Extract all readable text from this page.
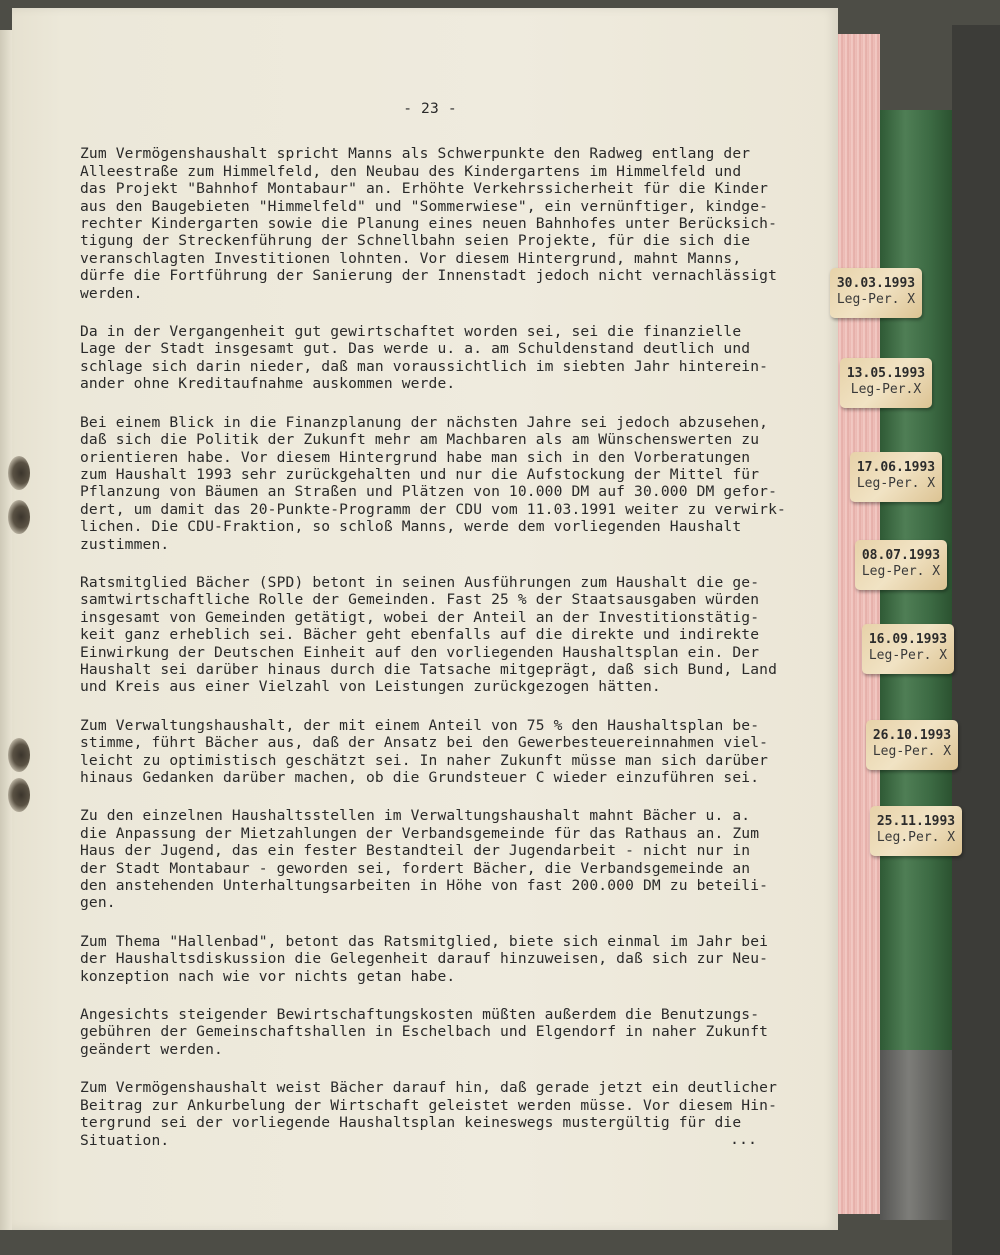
- 23 -
Zum Vermögenshaushalt spricht Manns als Schwerpunkte den Radweg entlang der
Alleestraße zum Himmelfeld, den Neubau des Kindergartens im Himmelfeld und
das Projekt "Bahnhof Montabaur" an. Erhöhte Verkehrssicherheit für die Kinder
aus den Baugebieten "Himmelfeld" und "Sommerwiese", ein vernünftiger, kindge-
rechter Kindergarten sowie die Planung eines neuen Bahnhofes unter Berücksich-
tigung der Streckenführung der Schnellbahn seien Projekte, für die sich die
veranschlagten Investitionen lohnten. Vor diesem Hintergrund, mahnt Manns,
dürfe die Fortführung der Sanierung der Innenstadt jedoch nicht vernachlässigt
werden.
Da in der Vergangenheit gut gewirtschaftet worden sei, sei die finanzielle
Lage der Stadt insgesamt gut. Das werde u. a. am Schuldenstand deutlich und
schlage sich darin nieder, daß man voraussichtlich im siebten Jahr hinterein-
ander ohne Kreditaufnahme auskommen werde.
Bei einem Blick in die Finanzplanung der nächsten Jahre sei jedoch abzusehen,
daß sich die Politik der Zukunft mehr am Machbaren als am Wünschenswerten zu
orientieren habe. Vor diesem Hintergrund habe man sich in den Vorberatungen
zum Haushalt 1993 sehr zurückgehalten und nur die Aufstockung der Mittel für
Pflanzung von Bäumen an Straßen und Plätzen von 10.000 DM auf 30.000 DM gefor-
dert, um damit das 20-Punkte-Programm der CDU vom 11.03.1991 weiter zu verwirk-
lichen. Die CDU-Fraktion, so schloß Manns, werde dem vorliegenden Haushalt
zustimmen.
Ratsmitglied Bächer (SPD) betont in seinen Ausführungen zum Haushalt die ge-
samtwirtschaftliche Rolle der Gemeinden. Fast 25 % der Staatsausgaben würden
insgesamt von Gemeinden getätigt, wobei der Anteil an der Investitionstätig-
keit ganz erheblich sei. Bächer geht ebenfalls auf die direkte und indirekte
Einwirkung der Deutschen Einheit auf den vorliegenden Haushaltsplan ein. Der
Haushalt sei darüber hinaus durch die Tatsache mitgeprägt, daß sich Bund, Land
und Kreis aus einer Vielzahl von Leistungen zurückgezogen hätten.
Zum Verwaltungshaushalt, der mit einem Anteil von 75 % den Haushaltsplan be-
stimme, führt Bächer aus, daß der Ansatz bei den Gewerbesteuereinnahmen viel-
leicht zu optimistisch geschätzt sei. In naher Zukunft müsse man sich darüber
hinaus Gedanken darüber machen, ob die Grundsteuer C wieder einzuführen sei.
Zu den einzelnen Haushaltsstellen im Verwaltungshaushalt mahnt Bächer u. a.
die Anpassung der Mietzahlungen der Verbandsgemeinde für das Rathaus an. Zum
Haus der Jugend, das ein fester Bestandteil der Jugendarbeit - nicht nur in
der Stadt Montabaur - geworden sei, fordert Bächer, die Verbandsgemeinde an
den anstehenden Unterhaltungsarbeiten in Höhe von fast 200.000 DM zu beteili-
gen.
Zum Thema "Hallenbad", betont das Ratsmitglied, biete sich einmal im Jahr bei
der Haushaltsdiskussion die Gelegenheit darauf hinzuweisen, daß sich zur Neu-
konzeption nach wie vor nichts getan habe.
Angesichts steigender Bewirtschaftungskosten müßten außerdem die Benutzungs-
gebühren der Gemeinschaftshallen in Eschelbach und Elgendorf in naher Zukunft
geändert werden.
Zum Vermögenshaushalt weist Bächer darauf hin, daß gerade jetzt ein deutlicher
Beitrag zur Ankurbelung der Wirtschaft geleistet werden müsse. Vor diesem Hin-
tergrund sei der vorliegende Haushaltsplan keineswegs mustergültig für die
Situation.	...
30.03.1993
Leg-Per. X
13.05.1993
Leg-Per.X
17.06.1993
Leg-Per. X
08.07.1993
Leg-Per. X
16.09.1993
Leg-Per. X
26.10.1993
Leg-Per. X
25.11.1993
Leg.Per. X
